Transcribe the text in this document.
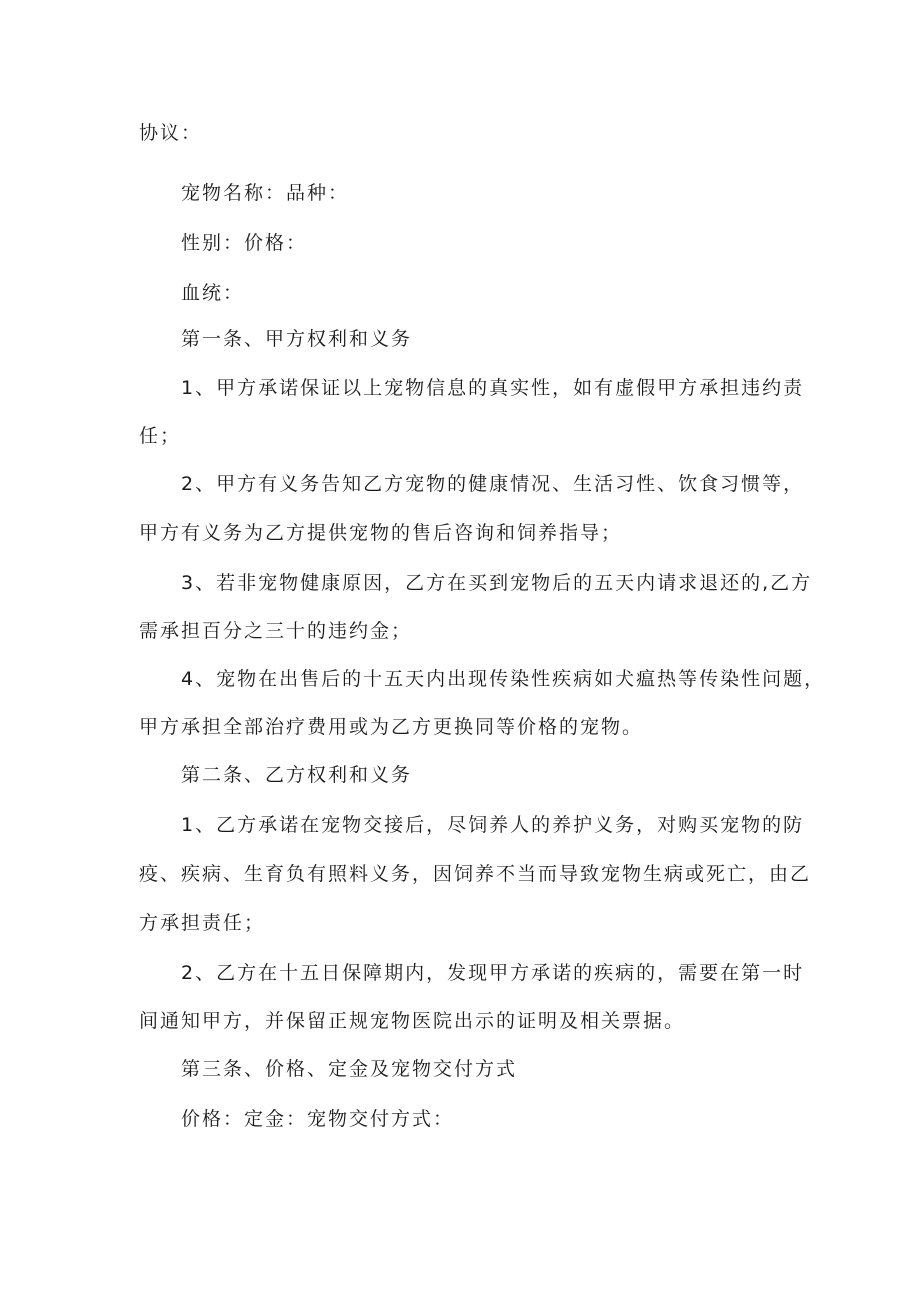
协议：
宠物名称：品种：
性别：价格：
血统：
第一条、甲方权利和义务
1、甲方承诺保证以上宠物信息的真实性，如有虚假甲方承担违约责
任；
2、甲方有义务告知乙方宠物的健康情况、生活习性、饮食习惯等，
甲方有义务为乙方提供宠物的售后咨询和饲养指导；
3、若非宠物健康原因，乙方在买到宠物后的五天内请求退还的,乙方
需承担百分之三十的违约金；
4、宠物在出售后的十五天内出现传染性疾病如犬瘟热等传染性问题，
甲方承担全部治疗费用或为乙方更换同等价格的宠物。
第二条、乙方权利和义务
1、乙方承诺在宠物交接后，尽饲养人的养护义务，对购买宠物的防
疫、疾病、生育负有照料义务，因饲养不当而导致宠物生病或死亡，由乙
方承担责任；
2、乙方在十五日保障期内，发现甲方承诺的疾病的，需要在第一时
间通知甲方，并保留正规宠物医院出示的证明及相关票据。
第三条、价格、定金及宠物交付方式
价格：定金：宠物交付方式：
